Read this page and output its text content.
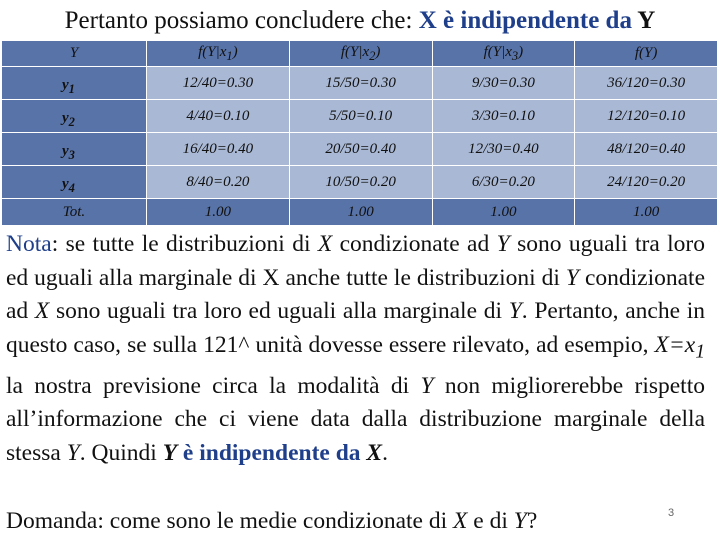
Pertanto possiamo concludere che: X è indipendente da Y
Y	$f(Y|x_1)$	$f(Y|x_2)$	$f(Y|x_3)$	f(Y)
$y_1$	12/40=0.30	15/50=0.30	9/30=0.30	36/120=0.30
$y_2$	4/40=0.10	5/50=0.10	3/30=0.10	12/120=0.10
$y_3$	16/40=0.40	20/50=0.40	12/30=0.40	48/120=0.40
$y_4$	8/40=0.20	10/50=0.20	6/30=0.20	24/120=0.20
Tot.	1.00	1.00	1.00	1.00
Nota: se tutte le distribuzioni di X condizionate ad Y sono uguali tra loro ed uguali alla marginale di X anche tutte le distribuzioni di Y condizionate ad X sono uguali tra loro ed uguali alla marginale di Y. Pertanto, anche in questo caso, se sulla 121^ unità dovesse essere rilevato, ad esempio, $X=x_1$ la nostra previsione circa la modalità di Y non migliorerebbe rispetto all’informazione che ci viene data dalla distribuzione marginale della stessa Y. Quindi Y è indipendente da X.
Domanda: come sono le medie condizionate di X e di Y?	3
